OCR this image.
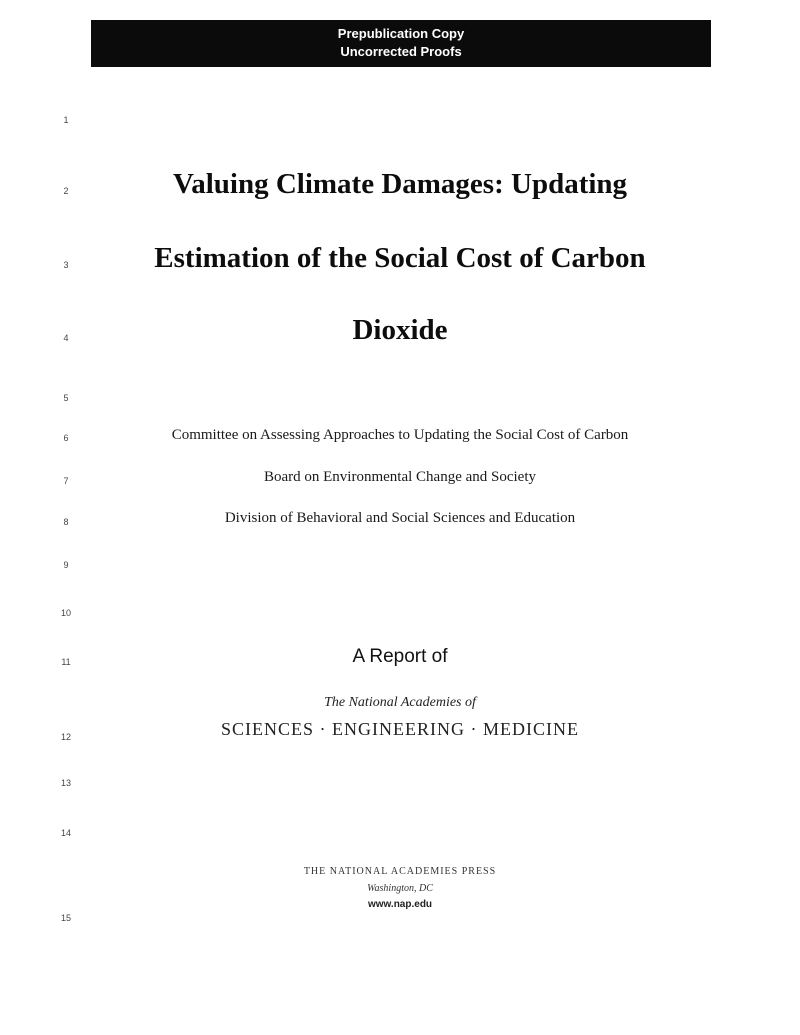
Prepublication Copy
Uncorrected Proofs
1
2
3
4
5
6
7
8
9
10
11
12
13
14
15
Valuing Climate Damages: Updating
Estimation of the Social Cost of Carbon
Dioxide
Committee on Assessing Approaches to Updating the Social Cost of Carbon
Board on Environmental Change and Society
Division of Behavioral and Social Sciences and Education
A Report of
The National Academies of
SCIENCES · ENGINEERING · MEDICINE
THE NATIONAL ACADEMIES PRESS
Washington, DC
www.nap.edu
